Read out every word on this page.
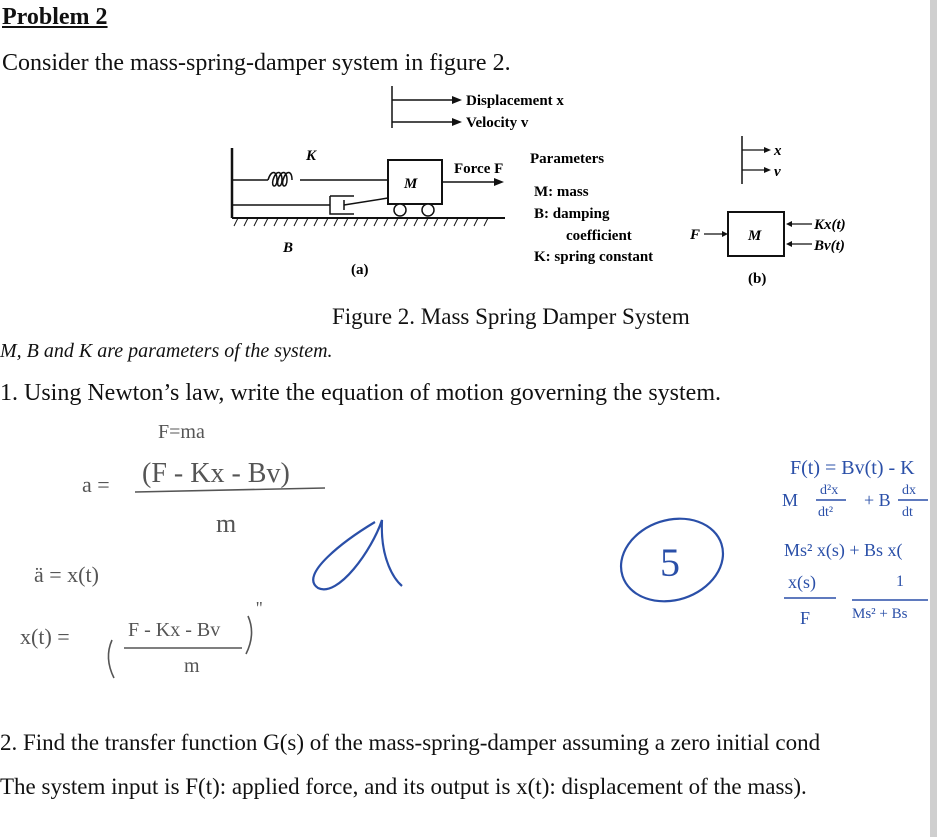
Problem 2
Consider the mass-spring-damper system in figure 2.
Displacement x
Velocity v
K
B
M
Force F
(a)
Parameters
M: mass
B: damping
coefficient
K: spring constant
x
v
F	M
Kx(t)
Bv(t)
(b)
F=ma
a = (F - Kx - Bv)
m
ä = x(t)
x(t) =	F - Kx - Bv
m
''
5
F(t) = Bv(t) - K
M d²x
dt²
+ B dx
dt
Ms² x(s) + Bs x(
x(s)
F
1
Ms² + Bs
Figure 2. Mass Spring Damper System
M, B and K are parameters of the system.
1. Using Newton’s law, write the equation of motion governing the system.
2. Find the transfer function G(s) of the mass-spring-damper assuming a zero initial cond
The system input is F(t): applied force, and its output is x(t): displacement of the mass).
